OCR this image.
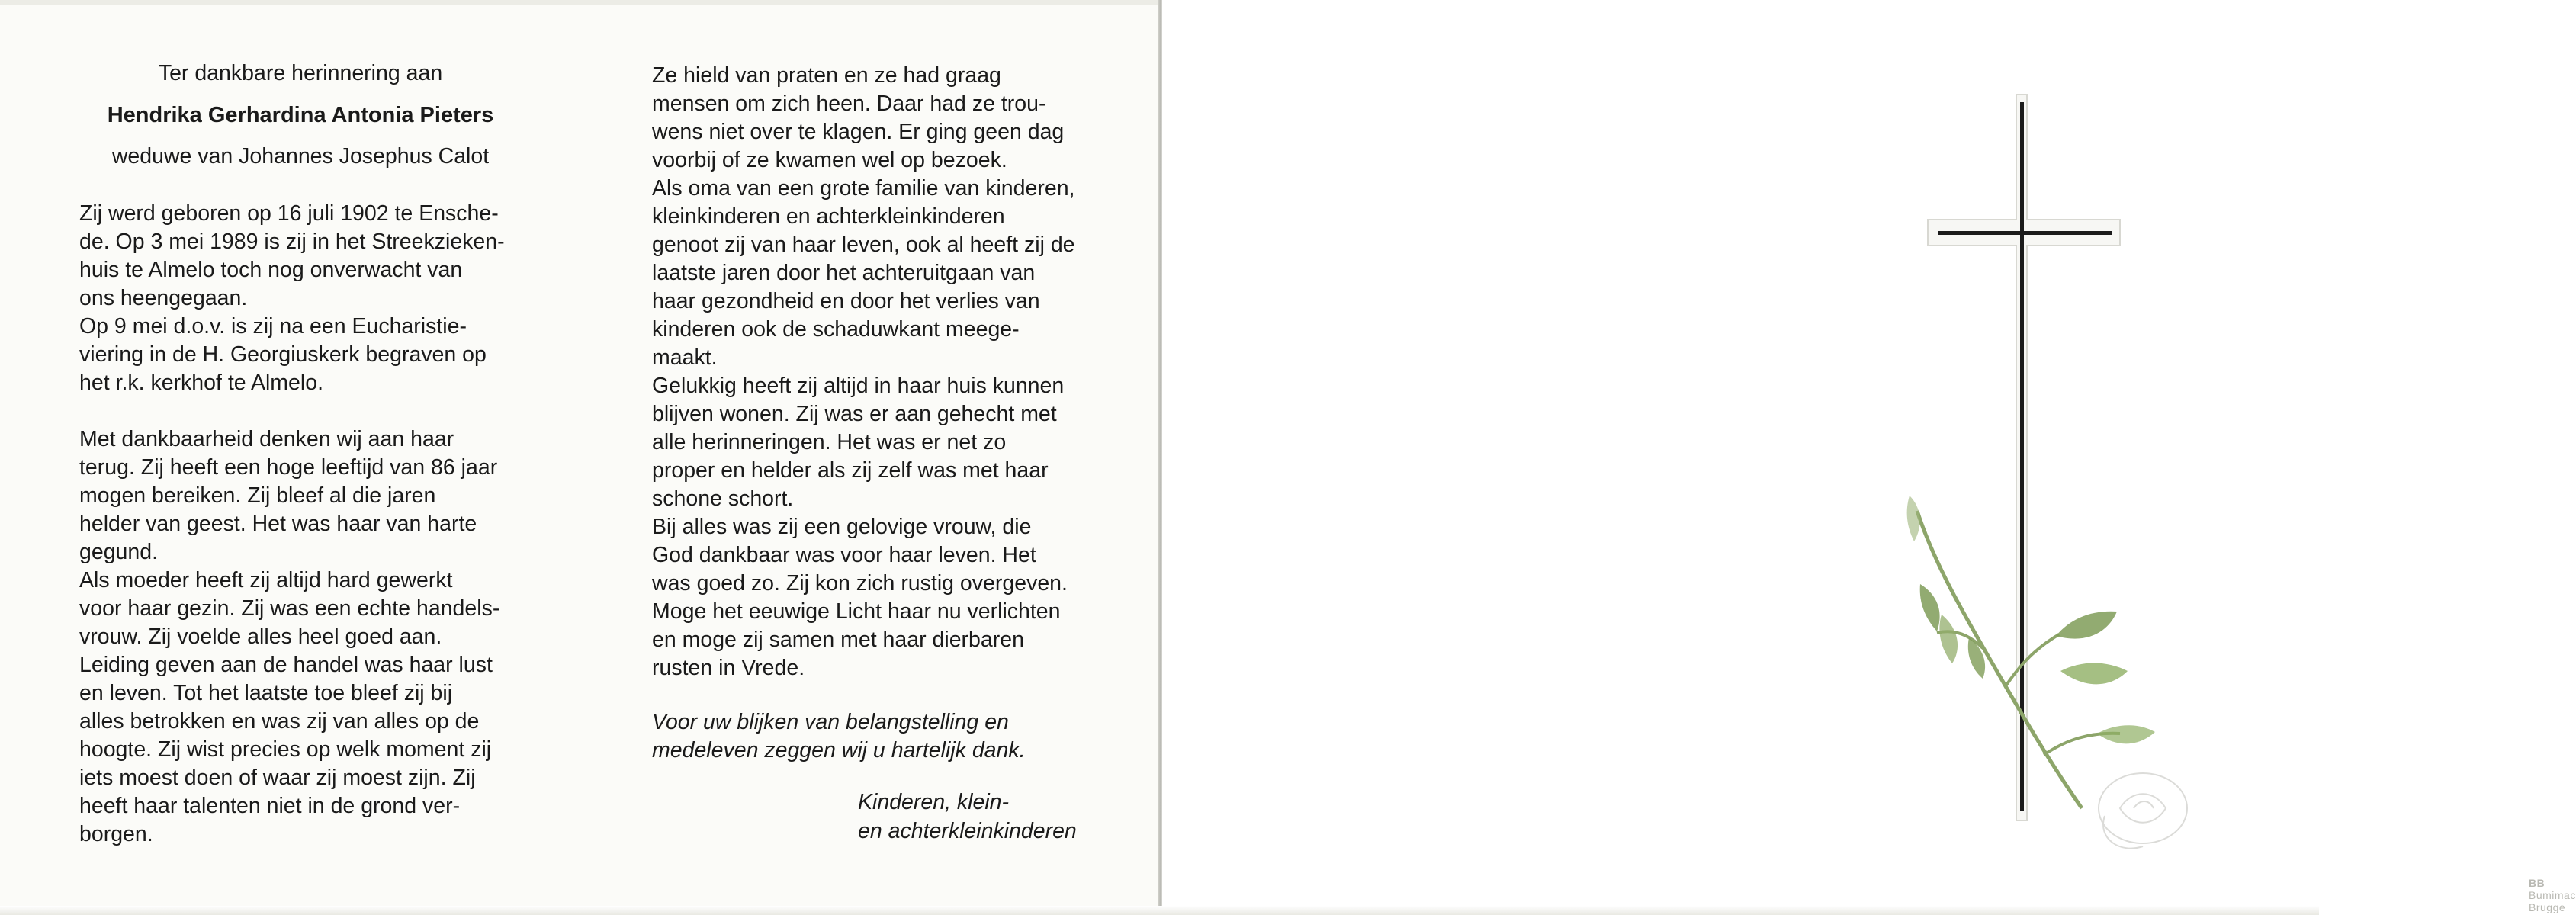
Ter dankbare herinnering aan

Hendrika Gerhardina Antonia Pieters

weduwe van Johannes Josephus Calot

Zij werd geboren op 16 juli 1902 te Ensche-
de. Op 3 mei 1989 is zij in het Streekzieken-
huis te Almelo toch nog onverwacht van
ons heengegaan.

Op 9 mei d.o.v. is zij na een Eucharistie-
viering in de H. Georgiuskerk begraven op
het r.k. kerkhof te Almelo.

Met dankbaarheid denken wij aan haar
terug. Zij heeft een hoge leeftijd van 86 jaar
mogen bereiken. Zij bleef al die jaren
helder van geest. Het was haar van harte
gegund.

Als moeder heeft zij altijd hard gewerkt
voor haar gezin. Zij was een echte handels-
vrouw. Zij voelde alles heel goed aan.
Leiding geven aan de handel was haar lust
en leven. Tot het laatste toe bleef zij bij
alles betrokken en was zij van alles op de
hoogte. Zij wist precies op welk moment zij
iets moest doen of waar zij moest zijn. Zij
heeft haar talenten niet in de grond ver-
borgen.

Ze hield van praten en ze had graag
mensen om zich heen. Daar had ze trou-
wens niet over te klagen. Er ging geen dag
voorbij of ze kwamen wel op bezoek.

Als oma van een grote familie van kinderen,
kleinkinderen en achterkleinkinderen
genoot zij van haar leven, ook al heeft zij de
laatste jaren door het achteruitgaan van
haar gezondheid en door het verlies van
kinderen ook de schaduwkant meege-
maakt.

Gelukkig heeft zij altijd in haar huis kunnen
blijven wonen. Zij was er aan gehecht met
alle herinneringen. Het was er net zo
proper en helder als zij zelf was met haar
schone schort.

Bij alles was zij een gelovige vrouw, die
God dankbaar was voor haar leven. Het
was goed zo. Zij kon zich rustig overgeven.
Moge het eeuwige Licht haar nu verlichten
en moge zij samen met haar dierbaren
rusten in Vrede.

Voor uw blijken van belangstelling en
medeleven zeggen wij u hartelijk dank.

Kinderen, klein-
en achterkleinkinderen

BB Bumimac Brugge
